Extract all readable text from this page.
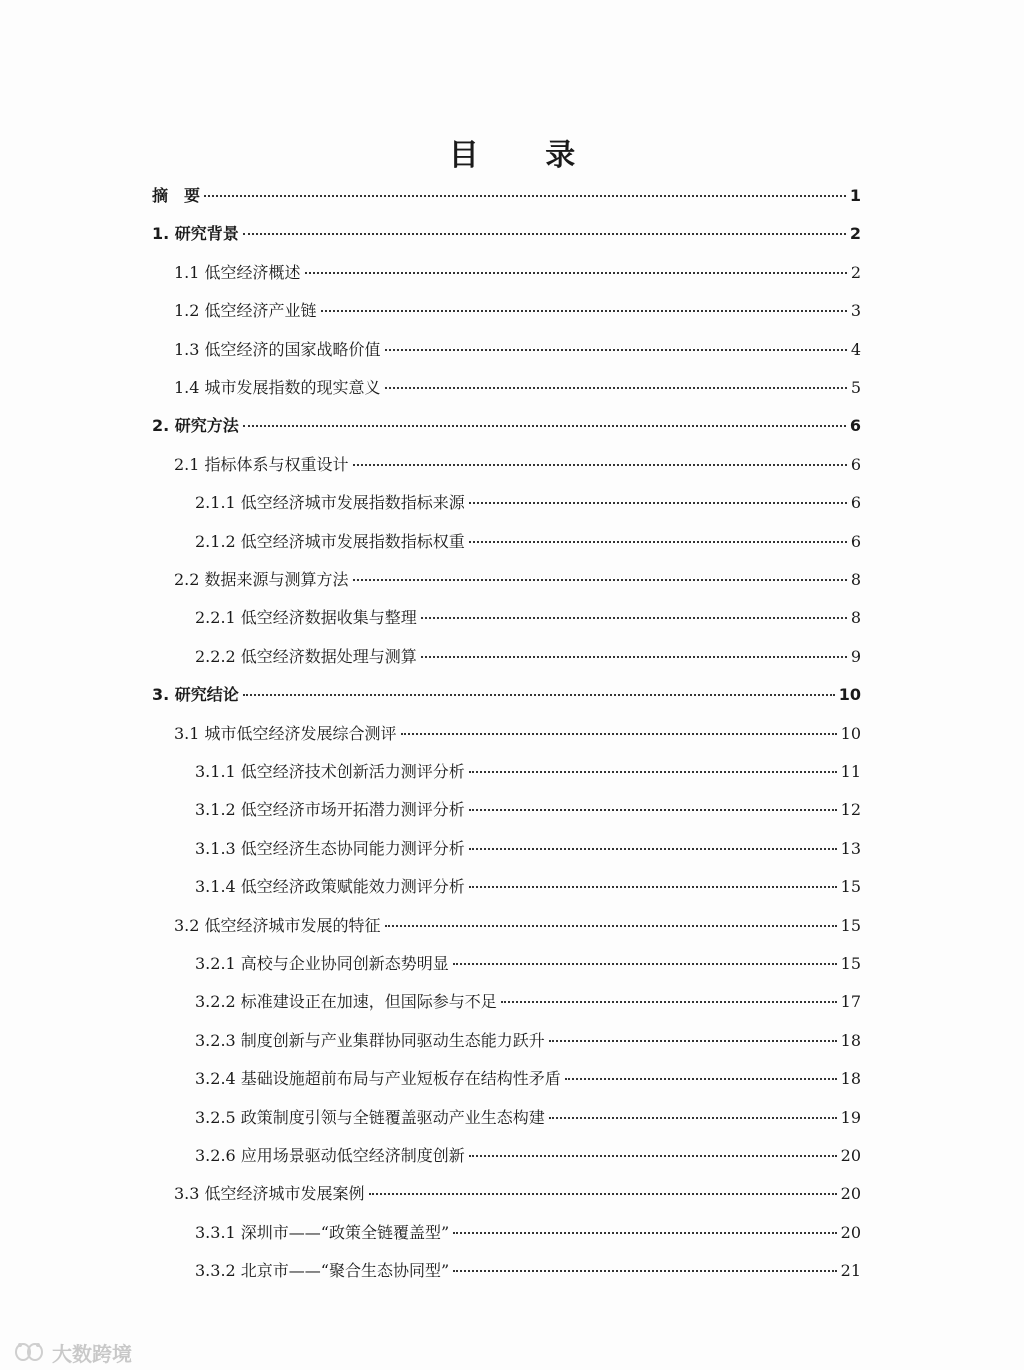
目 录
摘　要	1
1. 研究背景	2
1.1 低空经济概述	2
1.2 低空经济产业链	3
1.3 低空经济的国家战略价值	4
1.4 城市发展指数的现实意义	5
2. 研究方法	6
2.1 指标体系与权重设计	6
2.1.1 低空经济城市发展指数指标来源	6
2.1.2 低空经济城市发展指数指标权重	6
2.2 数据来源与测算方法	8
2.2.1 低空经济数据收集与整理	8
2.2.2 低空经济数据处理与测算	9
3. 研究结论	10
3.1 城市低空经济发展综合测评	10
3.1.1 低空经济技术创新活力测评分析	11
3.1.2 低空经济市场开拓潜力测评分析	12
3.1.3 低空经济生态协同能力测评分析	13
3.1.4 低空经济政策赋能效力测评分析	15
3.2 低空经济城市发展的特征	15
3.2.1 高校与企业协同创新态势明显	15
3.2.2 标准建设正在加速，但国际参与不足	17
3.2.3 制度创新与产业集群协同驱动生态能力跃升	18
3.2.4 基础设施超前布局与产业短板存在结构性矛盾	18
3.2.5 政策制度引领与全链覆盖驱动产业生态构建	19
3.2.6 应用场景驱动低空经济制度创新	20
3.3 低空经济城市发展案例	20
3.3.1 深圳市——“政策全链覆盖型”	20
3.3.2 北京市——“聚合生态协同型”	21
大数跨境
